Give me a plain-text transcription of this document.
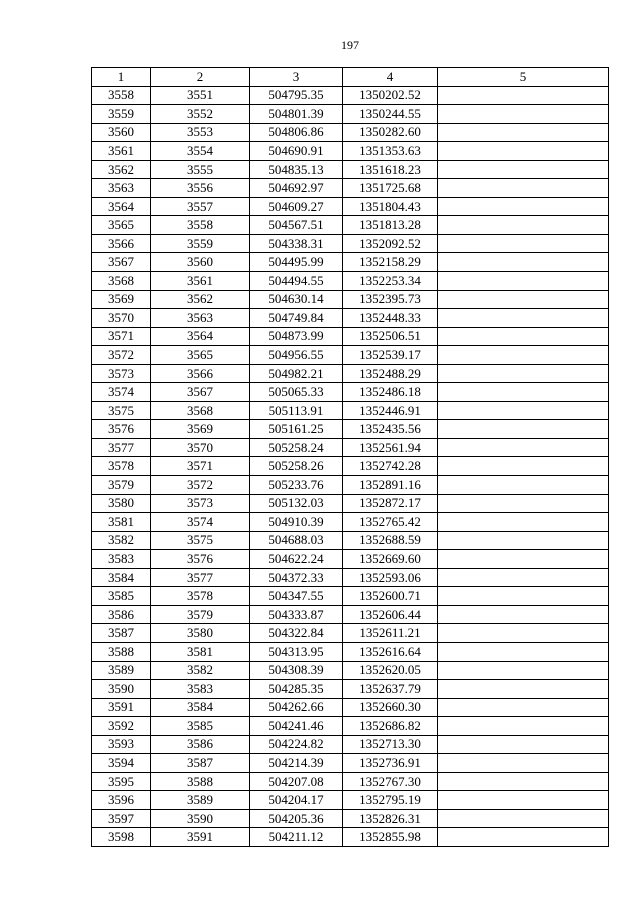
197
1	2	3	4	5
3558	3551	504795.35	1350202.52	
3559	3552	504801.39	1350244.55	
3560	3553	504806.86	1350282.60	
3561	3554	504690.91	1351353.63	
3562	3555	504835.13	1351618.23	
3563	3556	504692.97	1351725.68	
3564	3557	504609.27	1351804.43	
3565	3558	504567.51	1351813.28	
3566	3559	504338.31	1352092.52	
3567	3560	504495.99	1352158.29	
3568	3561	504494.55	1352253.34	
3569	3562	504630.14	1352395.73	
3570	3563	504749.84	1352448.33	
3571	3564	504873.99	1352506.51	
3572	3565	504956.55	1352539.17	
3573	3566	504982.21	1352488.29	
3574	3567	505065.33	1352486.18	
3575	3568	505113.91	1352446.91	
3576	3569	505161.25	1352435.56	
3577	3570	505258.24	1352561.94	
3578	3571	505258.26	1352742.28	
3579	3572	505233.76	1352891.16	
3580	3573	505132.03	1352872.17	
3581	3574	504910.39	1352765.42	
3582	3575	504688.03	1352688.59	
3583	3576	504622.24	1352669.60	
3584	3577	504372.33	1352593.06	
3585	3578	504347.55	1352600.71	
3586	3579	504333.87	1352606.44	
3587	3580	504322.84	1352611.21	
3588	3581	504313.95	1352616.64	
3589	3582	504308.39	1352620.05	
3590	3583	504285.35	1352637.79	
3591	3584	504262.66	1352660.30	
3592	3585	504241.46	1352686.82	
3593	3586	504224.82	1352713.30	
3594	3587	504214.39	1352736.91	
3595	3588	504207.08	1352767.30	
3596	3589	504204.17	1352795.19	
3597	3590	504205.36	1352826.31	
3598	3591	504211.12	1352855.98	
